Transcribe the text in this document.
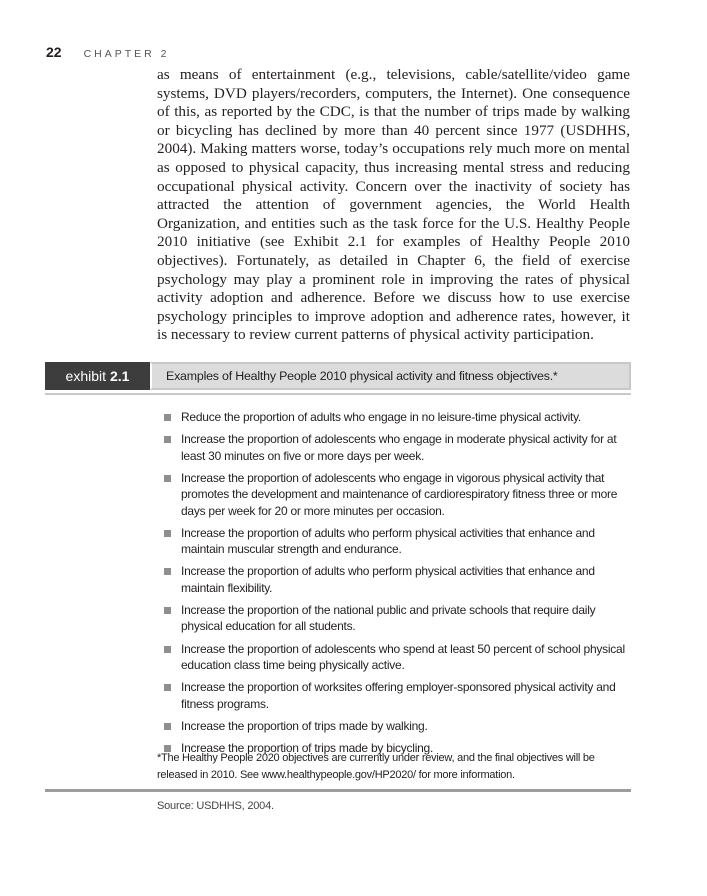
22 CHAPTER 2

as means of entertainment (e.g., televisions, cable/satellite/video game systems, DVD players/recorders, computers, the Internet). One consequence of this, as reported by the CDC, is that the number of trips made by walking or bicycling has declined by more than 40 percent since 1977 (USDHHS, 2004). Making matters worse, today’s occupations rely much more on mental as opposed to physical capacity, thus increasing mental stress and reducing occupational physical activity. Concern over the inactivity of society has attracted the attention of government agencies, the World Health Organization, and entities such as the task force for the U.S. Healthy People 2010 initiative (see Exhibit 2.1 for examples of Healthy People 2010 objectives). Fortunately, as detailed in Chapter 6, the field of exercise psychology may play a prominent role in improving the rates of physical activity adoption and adherence. Before we discuss how to use exercise psychology principles to improve adoption and adherence rates, however, it is necessary to review current patterns of physical activity participation.

exhibit 2.1	Examples of Healthy People 2010 physical activity and fitness objectives.*
Reduce the proportion of adults who engage in no leisure-time physical activity.
Increase the proportion of adolescents who engage in moderate physical activity for at least 30 minutes on five or more days per week.
Increase the proportion of adolescents who engage in vigorous physical activity that promotes the development and maintenance of cardiorespiratory fitness three or more days per week for 20 or more minutes per occasion.
Increase the proportion of adults who perform physical activities that enhance and maintain muscular strength and endurance.
Increase the proportion of adults who perform physical activities that enhance and maintain flexibility.
Increase the proportion of the national public and private schools that require daily physical education for all students.
Increase the proportion of adolescents who spend at least 50 percent of school physical education class time being physically active.
Increase the proportion of worksites offering employer-sponsored physical activity and fitness programs.
Increase the proportion of trips made by walking.
Increase the proportion of trips made by bicycling.
*The Healthy People 2020 objectives are currently under review, and the final objectives will be released in 2010. See www.healthypeople.gov/HP2020/ for more information.
Source: USDHHS, 2004.
